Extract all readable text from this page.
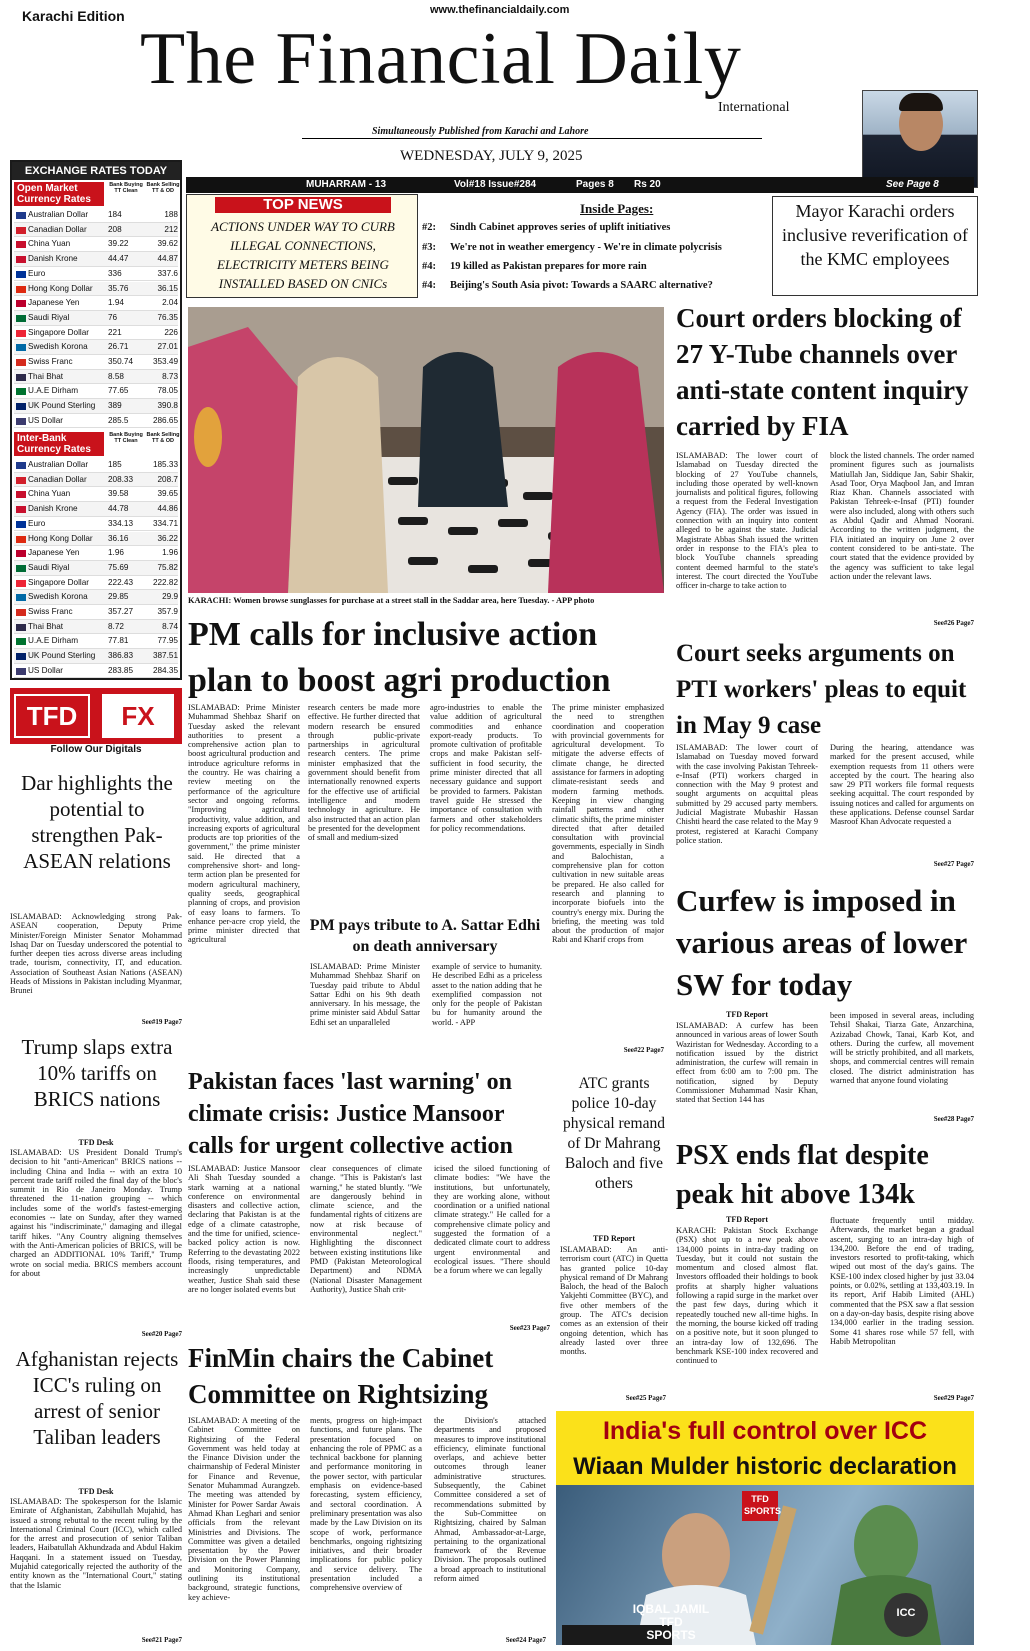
Karachi Edition	www.thefinancialdaily.com
The Financial Daily
International
Simultaneously Published from Karachi and Lahore
WEDNESDAY, JULY 9, 2025
EXCHANGE RATES TODAY
Open Market Currency Rates
Bank Buying TT Clean
Bank Selling TT & OD
Australian Dollar 184	188
Canadian Dollar	208	212
China Yuan	39.22	39.62
Danish Krone	44.47	44.87
Euro	336	337.6
Hong Kong Dollar 35.76	36.15
Japanese Yen	1.94	2.04
Saudi Riyal	76	76.35
Singapore Dollar 221	226
Swedish Korona 26.71	27.01
Swiss Franc	350.74	353.49
Thai Bhat	8.58	8.73
U.A.E Dirham	77.65	78.05
UK Pound Sterling 389	390.8
US Dollar	285.5	286.65
Inter-Bank Currency Rates
Bank Buying TT Clean
Bank Selling TT & OD
Australian Dollar 185	185.33
Canadian Dollar	208.33	208.7
China Yuan	39.58	39.65
Danish Krone	44.78	44.86
Euro	334.13	334.71
Hong Kong Dollar 36.16	36.22
Japanese Yen	1.96	1.96
Saudi Riyal	75.69	75.82
Singapore Dollar 222.43	222.82
Swedish Korona 29.85	29.9
Swiss Franc	357.27	357.9
Thai Bhat	8.72	8.74
U.A.E Dirham	77.81	77.95
UK Pound Sterling 386.83	387.51
US Dollar	283.85	284.35
TFD	FX
Follow Our Digitals
Dar highlights the potential to strengthen Pak-ASEAN relations
ISLAMABAD: Acknowledging strong Pak-ASEAN cooperation, Deputy Prime Minister/Foreign Minister Senator Mohammad Ishaq Dar on Tuesday underscored the potential to further deepen ties across diverse areas including trade, tourism, connectivity, IT, and education. Association of Southeast Asian Nations (ASEAN) Heads of Missions in Pakistan including Myanmar, Brunei
See#19 Page7
Trump slaps extra 10% tariffs on BRICS nations
TFD Desk
ISLAMABAD: US President Donald Trump's decision to hit "anti-American" BRICS nations -- including China and India -- with an extra 10 percent trade tariff roiled the final day of the bloc's summit in Rio de Janeiro Monday. Trump threatened the 11-nation grouping -- which includes some of the world's fastest-emerging economies -- late on Sunday, after they warned against his "indiscriminate," damaging and illegal tariff hikes. "Any Country aligning themselves with the Anti-American policies of BRICS, will be charged an ADDITIONAL 10% Tariff," Trump wrote on social media. BRICS members account for about
See#20 Page7
Afghanistan rejects ICC's ruling on arrest of senior Taliban leaders
TFD Desk
ISLAMABAD: The spokesperson for the Islamic Emirate of Afghanistan, Zabihullah Mujahid, has issued a strong rebuttal to the recent ruling by the International Criminal Court (ICC), which called for the arrest and prosecution of senior Taliban leaders, Haibatullah Akhundzada and Abdul Hakim Haqqani. In a statement issued on Tuesday, Mujahid categorically rejected the authority of the entity known as the "International Court," stating that the Islamic
See#21 Page7
MUHARRAM - 13	Vol#18 Issue#284	Pages 8 Rs 20	See Page 8
TOP NEWS
ACTIONS UNDER WAY TO CURB ILLEGAL CONNECTIONS, ELECTRICITY METERS BEING INSTALLED BASED ON CNICs
Inside Pages:
#2: Sindh Cabinet approves series of uplift initiatives
#3: We're not in weather emergency - We're in climate polycrisis
#4: 19 killed as Pakistan prepares for more rain
#4: Beijing's South Asia pivot: Towards a SAARC alternative?
Mayor Karachi orders inclusive reverification of the KMC employees
KARACHI: Women browse sunglasses for purchase at a street stall in the Saddar area, here Tuesday. - APP photo
PM calls for inclusive action plan to boost agri production
ISLAMABAD: Prime Minister Muhammad Shehbaz Sharif on Tuesday asked the relevant authorities to present a comprehensive action plan to boost agricultural production and introduce agriculture reforms in the country. He was chairing a review meeting on the performance of the agriculture sector and ongoing reforms. "Improving agricultural productivity, value addition, and increasing exports of agricultural products are top priorities of the government," the prime minister said. He directed that a comprehensive short- and long-term action plan be presented for modern agricultural machinery, quality seeds, geographical planning of crops, and provision of easy loans to farmers. To enhance per-acre crop yield, the prime minister directed that agricultural
research centers be made more effective. He further directed that modern research be ensured through public-private partnerships in agricultural research centers. The prime minister emphasized that the government should benefit from internationally renowned experts for the effective use of artificial intelligence and modern technology in agriculture. He also instructed that an action plan be presented for the development of small and medium-sized
agro-industries to enable the value addition of agricultural commodities and enhance export-ready products. To promote cultivation of profitable crops and make Pakistan self-sufficient in food security, the prime minister directed that all necessary guidance and support be provided to farmers. Pakistan travel guide He stressed the importance of consultation with farmers and other stakeholders for policy recommendations.
The prime minister emphasized the need to strengthen coordination and cooperation with provincial governments for agricultural development. To mitigate the adverse effects of climate change, he directed assistance for farmers in adopting climate-resistant seeds and modern farming methods. Keeping in view changing rainfall patterns and other climatic shifts, the prime minister directed that after detailed consultation with provincial governments, especially in Sindh and Balochistan, a comprehensive plan for cotton cultivation in new suitable areas be prepared. He also called for research and planning to incorporate biofuels into the country's energy mix. During the briefing, the meeting was told about the production of major Rabi and Kharif crops from
See#22 Page7
PM pays tribute to A. Sattar Edhi on death anniversary
ISLAMABAD: Prime Minister Muhammad Shehbaz Sharif on Tuesday paid tribute to Abdul Sattar Edhi on his 9th death anniversary. In his message, the prime minister said Abdul Sattar Edhi set an unparalleled
example of service to humanity. He described Edhi as a priceless asset to the nation adding that he exemplified compassion not only for the people of Pakistan bu for humanity around the world. - APP
Court orders blocking of 27 Y-Tube channels over anti-state content inquiry carried by FIA
ISLAMABAD: The lower court of Islamabad on Tuesday directed the blocking of 27 YouTube channels, including those operated by well-known journalists and political figures, following a request from the Federal Investigation Agency (FIA). The order was issued in connection with an inquiry into content alleged to be against the state. Judicial Magistrate Abbas Shah issued the written order in response to the FIA's plea to block YouTube channels spreading content deemed harmful to the state's interest. The court directed the YouTube officer in-charge to take action to
block the listed channels. The order named prominent figures such as journalists Matiullah Jan, Siddique Jan, Sabir Shakir, Asad Toor, Orya Maqbool Jan, and Imran Riaz Khan. Channels associated with Pakistan Tehreek-e-Insaf (PTI) founder were also included, along with others such as Abdul Qadir and Ahmad Noorani. According to the written judgment, the FIA initiated an inquiry on June 2 over content considered to be anti-state. The court stated that the evidence provided by the agency was sufficient to take legal action under the relevant laws.
See#26 Page7
Court seeks arguments on PTI workers' pleas to equit in May 9 case
ISLAMABAD: The lower court of Islamabad on Tuesday moved forward with the case involving Pakistan Tehreek-e-Insaf (PTI) workers charged in connection with the May 9 protest and sought arguments on acquittal pleas submitted by 29 accused party members. Judicial Magistrate Mubashir Hassan Chishti heard the case related to the May 9 protest, registered at Karachi Company police station.
During the hearing, attendance was marked for the present accused, while exemption requests from 11 others were accepted by the court. The hearing also saw 29 PTI workers file formal requests seeking acquittal. The court responded by issuing notices and called for arguments on these applications. Defense counsel Sardar Masroof Khan Advocate requested a
See#27 Page7
Curfew is imposed in various areas of lower SW for today
TFD Report
ISLAMABAD: A curfew has been announced in various areas of lower South Waziristan for Wednesday. According to a notification issued by the district administration, the curfew will remain in effect from 6:00 am to 7:00 pm. The notification, signed by Deputy Commissioner Muhammad Nasir Khan, stated that Section 144 has
been imposed in several areas, including Tehsil Shakai, Tiarza Gate, Anzarchina, Azizabad Chowk, Tanai, Karb Kot, and others. During the curfew, all movement will be strictly prohibited, and all markets, shops, and commercial centres will remain closed. The district administration has warned that anyone found violating
See#28 Page7
Pakistan faces 'last warning' on climate crisis: Justice Mansoor calls for urgent collective action
ISLAMABAD: Justice Mansoor Ali Shah Tuesday sounded a stark warning at a national conference on environmental disasters and collective action, declaring that Pakistan is at the edge of a climate catastrophe, and the time for unified, science-backed policy action is now. Referring to the devastating 2022 floods, rising temperatures, and increasingly unpredictable weather, Justice Shah said these are no longer isolated events but
clear consequences of climate change. "This is Pakistan's last warning," he stated bluntly. "We are dangerously behind in climate science, and the fundamental rights of citizens are now at risk because of environmental neglect." Highlighting the disconnect between existing institutions like PMD (Pakistan Meteorological Department) and NDMA (National Disaster Management Authority), Justice Shah crit-
icised the siloed functioning of climate bodies: "We have the institutions, but unfortunately, they are working alone, without coordination or a unified national climate strategy." He called for a comprehensive climate policy and suggested the formation of a dedicated climate court to address urgent environmental and ecological issues. "There should be a forum where we can legally
See#23 Page7
ATC grants police 10-day physical remand of Dr Mahrang Baloch and five others
TFD Report
ISLAMABAD: An anti-terrorism court (ATC) in Quetta has granted police 10-day physical remand of Dr Mahrang Baloch, the head of the Baloch Yakjehti Committee (BYC), and five other members of the group. The ATC's decision comes as an extension of their ongoing detention, which has already lasted over three months.
See#25 Page7
FinMin chairs the Cabinet Committee on Rightsizing
ISLAMABAD: A meeting of the Cabinet Committee on Rightsizing of the Federal Government was held today at the Finance Division under the chairmanship of Federal Minister for Finance and Revenue, Senator Muhammad Aurangzeb. The meeting was attended by Minister for Power Sardar Awais Ahmad Khan Leghari and senior officials from the relevant Ministries and Divisions. The Committee was given a detailed presentation by the Power Division on the Power Planning and Monitoring Company, outlining its institutional background, strategic functions, key achieve-
ments, progress on high-impact functions, and future plans. The presentation focused on enhancing the role of PPMC as a technical backbone for planning and performance monitoring in the power sector, with particular emphasis on evidence-based forecasting, system efficiency, and sectoral coordination. A preliminary presentation was also made by the Law Division on its scope of work, performance benchmarks, ongoing rightsizing initiatives, and their broader implications for public policy and service delivery. The presentation included a comprehensive overview of
the Division's attached departments and proposed measures to improve institutional efficiency, eliminate functional overlaps, and achieve better outcomes through leaner administrative structures. Subsequently, the Cabinet Committee considered a set of recommendations submitted by the Sub-Committee on Rightsizing, chaired by Salman Ahmad, Ambassador-at-Large, pertaining to the organizational framework of the Revenue Division. The proposals outlined a broad approach to institutional reform aimed
See#24 Page7
PSX ends flat despite peak hit above 134k
TFD Report
KARACHI: Pakistan Stock Exchange (PSX) shot up to a new peak above 134,000 points in intra-day trading on Tuesday, but it could not sustain the momentum and closed almost flat. Investors offloaded their holdings to book profits at sharply higher valuations following a rapid surge in the market over the past few days, during which it repeatedly touched new all-time highs. In the morning, the bourse kicked off trading on a positive note, but it soon plunged to an intra-day low of 132,696. The benchmark KSE-100 index recovered and continued to
fluctuate frequently until midday. Afterwards, the market began a gradual ascent, surging to an intra-day high of 134,200. Before the end of trading, investors resorted to profit-taking, which wiped out most of the day's gains. The KSE-100 index closed higher by just 33.04 points, or 0.02%, settling at 133,403.19. In its report, Arif Habib Limited (AHL) commented that the PSX saw a flat session on a day-on-day basis, despite rising above 134,000 earlier in the trading session. Some 41 shares rose while 57 fell, with Habib Metropolitan
See#29 Page7
India's full control over ICC
Wiaan Mulder historic declaration
TFD SPORTS
ICC
IQBAL JAMIL
TFD
SPORTS
